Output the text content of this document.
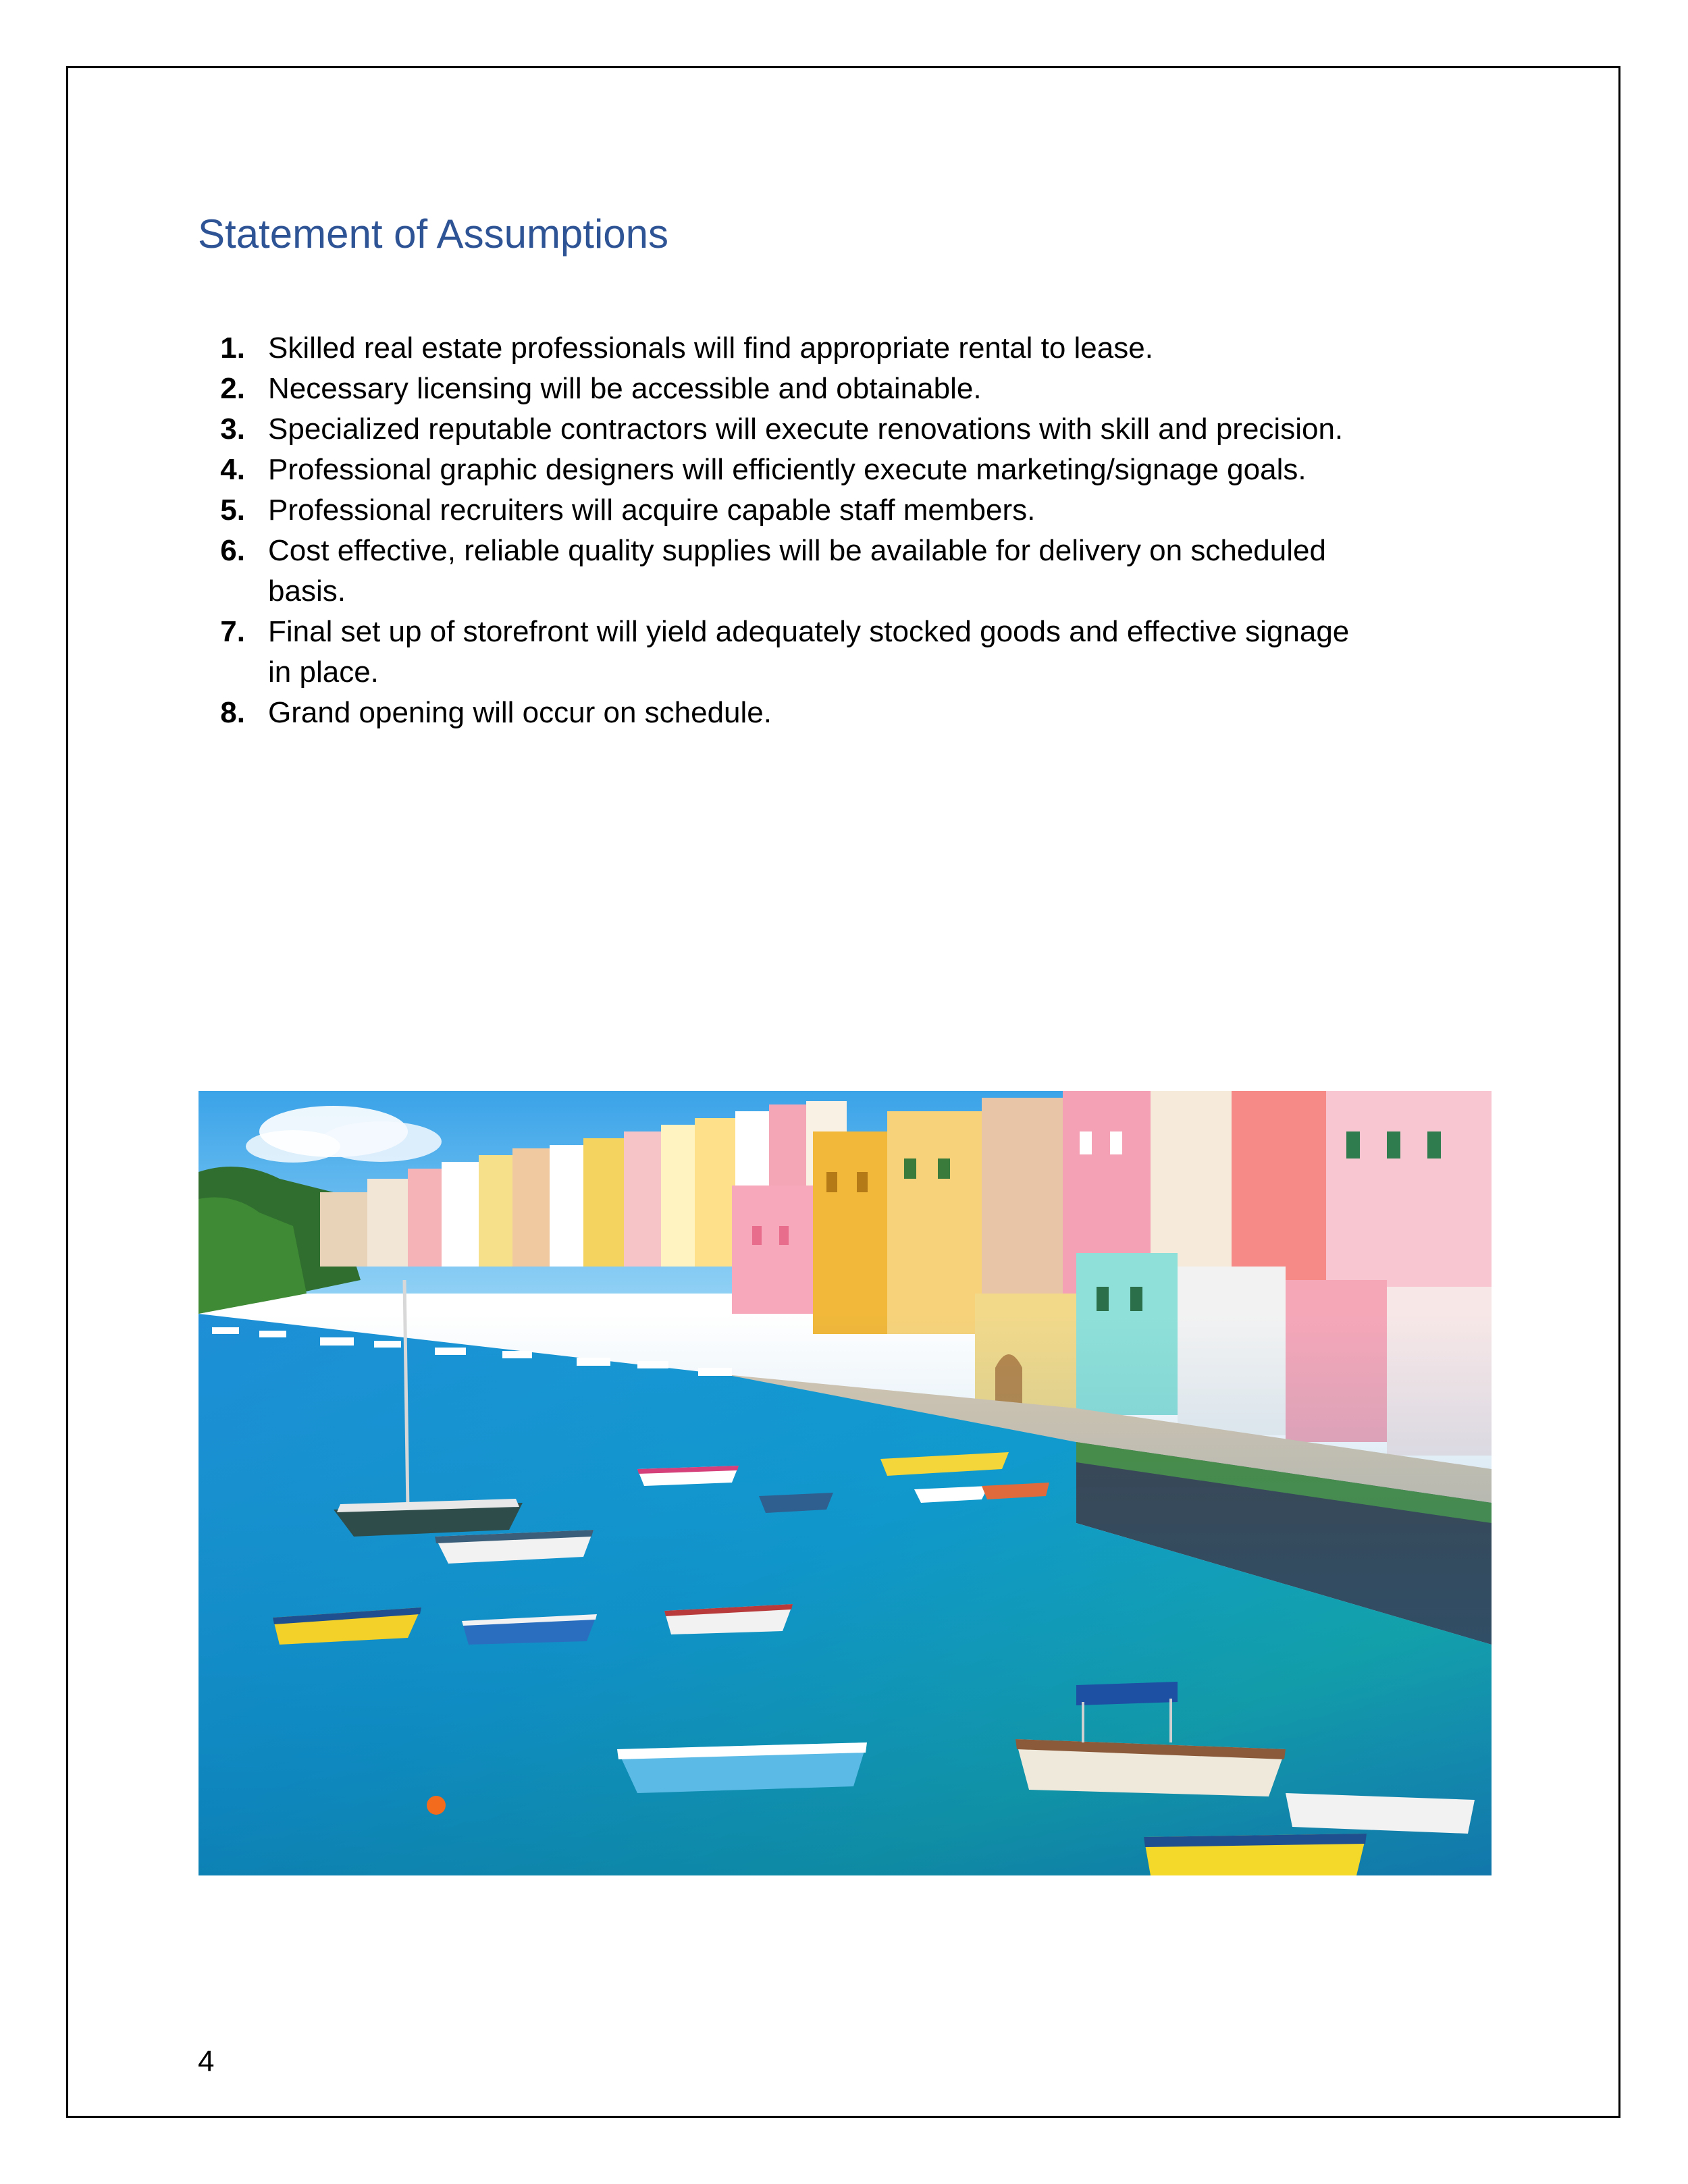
Statement of Assumptions
1. Skilled real estate professionals will find appropriate rental to lease.
2. Necessary licensing will be accessible and obtainable.
3. Specialized reputable contractors will execute renovations with skill and precision.
4. Professional graphic designers will efficiently execute marketing/signage goals.
5. Professional recruiters will acquire capable staff members.
6. Cost effective, reliable quality supplies will be available for delivery on scheduled basis.
7. Final set up of storefront will yield adequately stocked goods and effective signage in place.
8. Grand opening will occur on schedule.
4
